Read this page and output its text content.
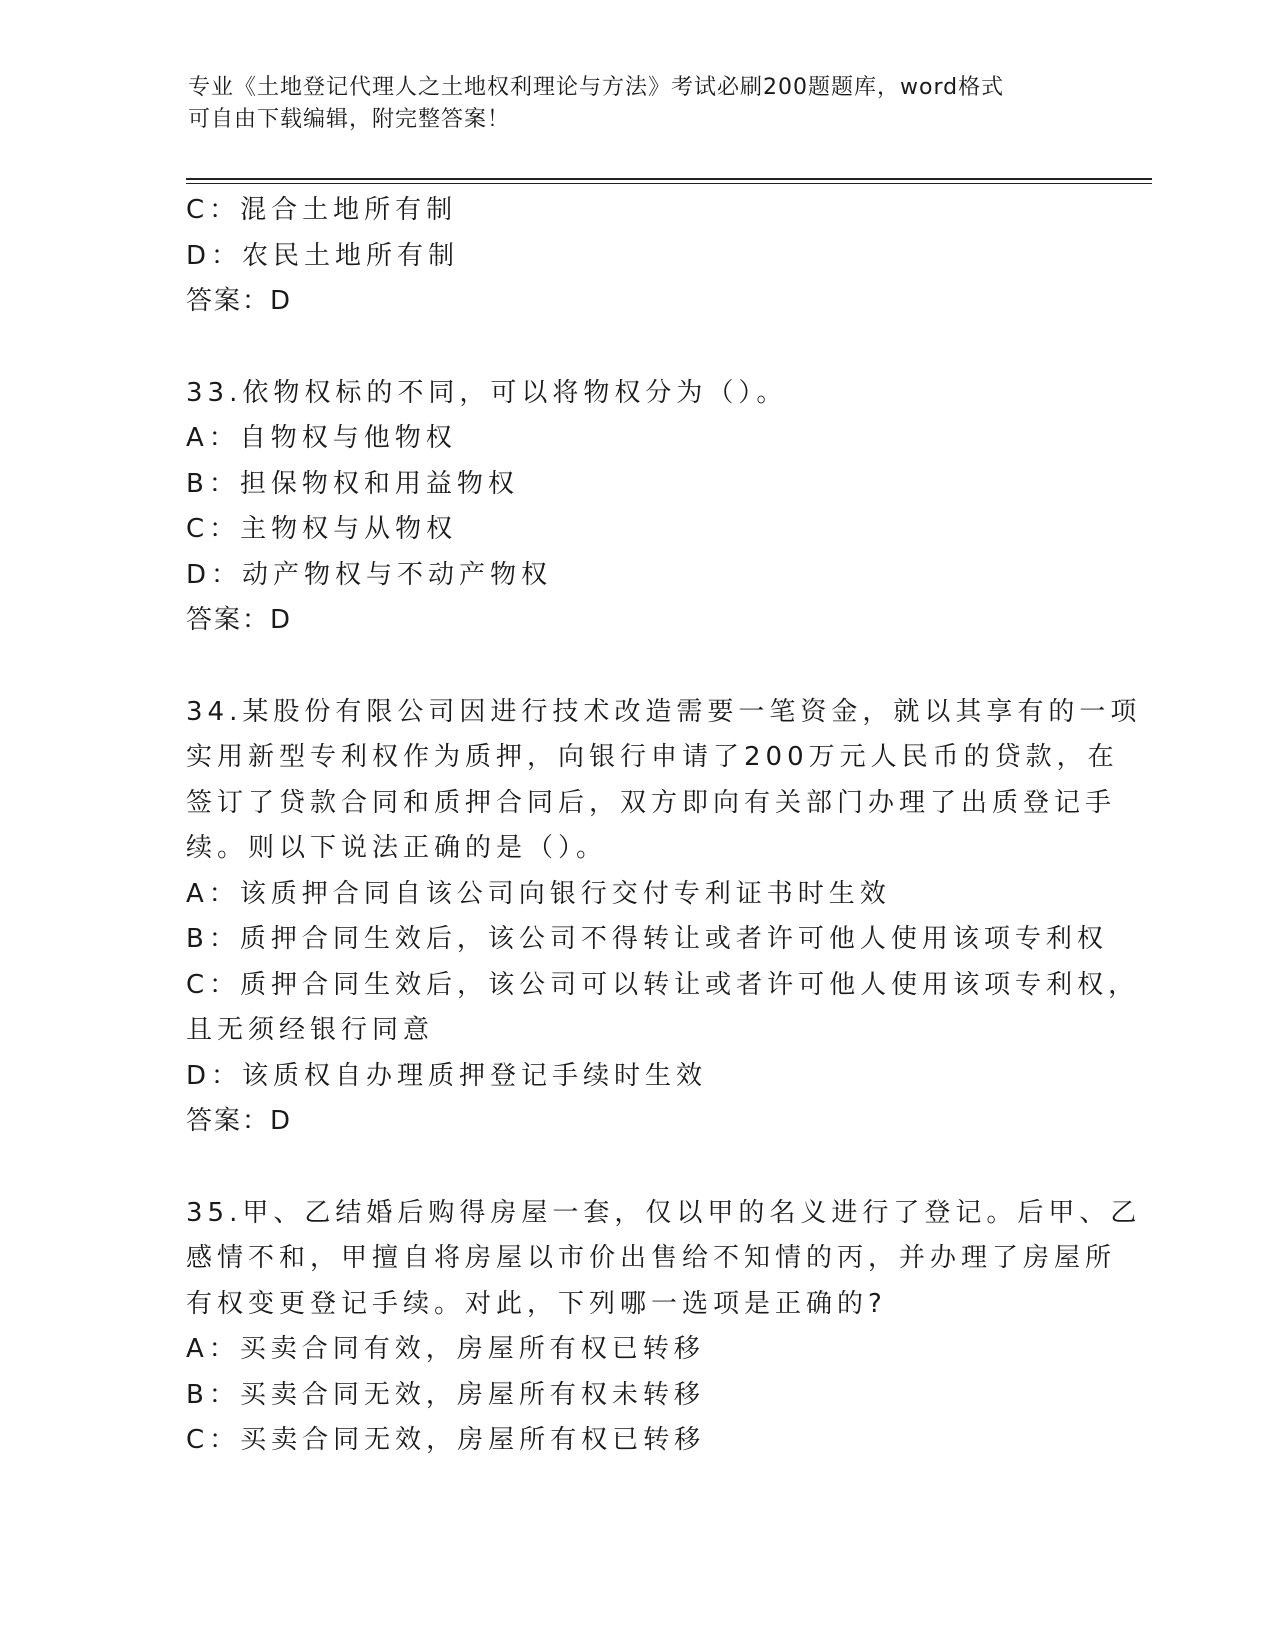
专业《土地登记代理人之土地权利理论与方法》考试必刷200题题库，word格式
可自由下载编辑，附完整答案！
C：混合土地所有制
D：农民土地所有制
答案：D
33.依物权标的不同，可以将物权分为（）。
A：自物权与他物权
B：担保物权和用益物权
C：主物权与从物权
D：动产物权与不动产物权
答案：D
34.某股份有限公司因进行技术改造需要一笔资金，就以其享有的一项
实用新型专利权作为质押，向银行申请了200万元人民币的贷款，在
签订了贷款合同和质押合同后，双方即向有关部门办理了出质登记手
续。则以下说法正确的是（）。
A：该质押合同自该公司向银行交付专利证书时生效
B：质押合同生效后，该公司不得转让或者许可他人使用该项专利权
C：质押合同生效后，该公司可以转让或者许可他人使用该项专利权，
且无须经银行同意
D：该质权自办理质押登记手续时生效
答案：D
35.甲、乙结婚后购得房屋一套，仅以甲的名义进行了登记。后甲、乙
感情不和，甲擅自将房屋以市价出售给不知情的丙，并办理了房屋所
有权变更登记手续。对此，下列哪一选项是正确的?
A：买卖合同有效，房屋所有权已转移
B：买卖合同无效，房屋所有权未转移
C：买卖合同无效，房屋所有权已转移
